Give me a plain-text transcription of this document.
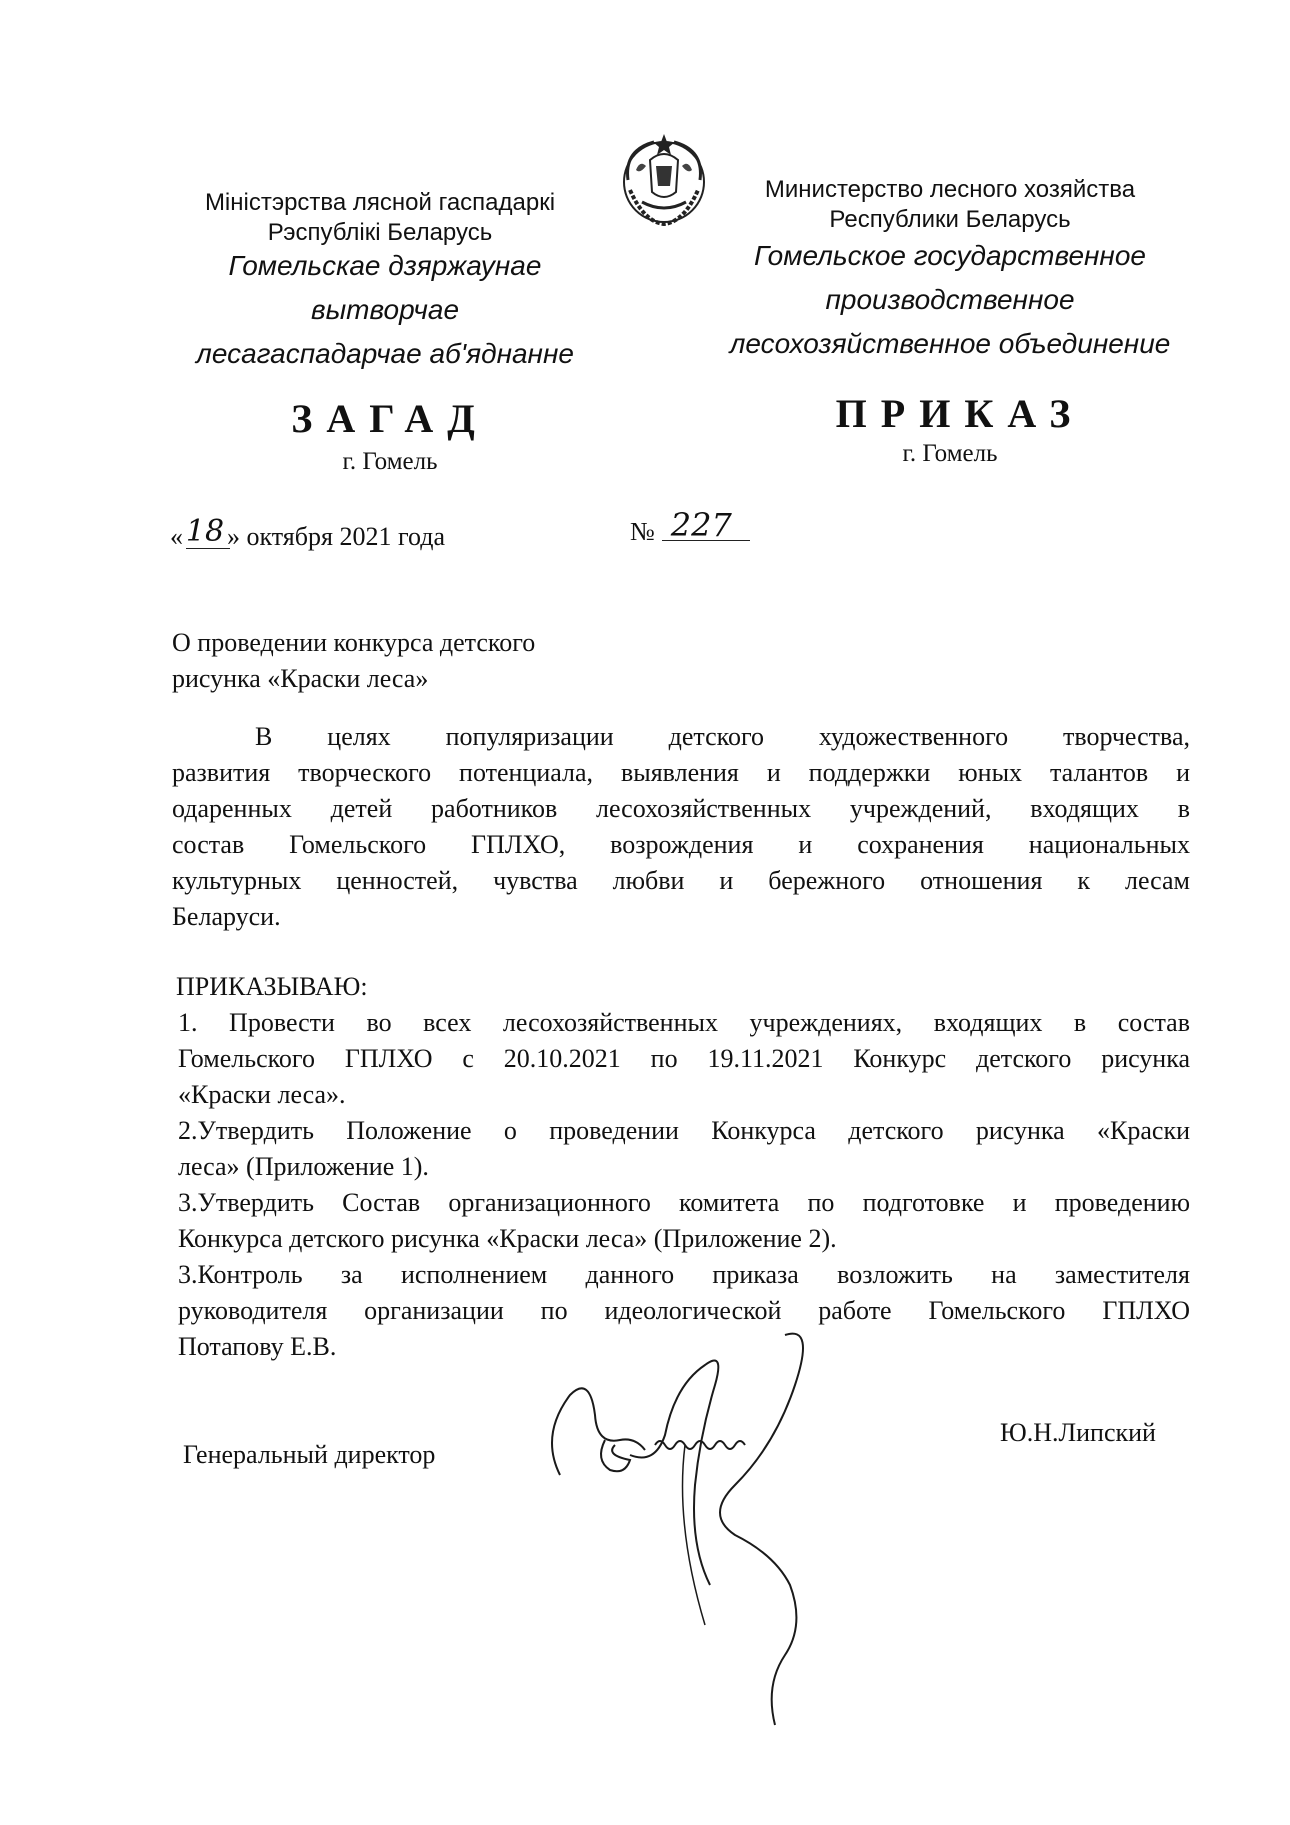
Міністэрства лясной гаспадаркі
Рэспублікі Беларусь
Гомельскае дзяржаунае
вытворчае
лесагаспадарчае аб'яднанне
ЗАГАД
г. Гомель
Министерство лесного хозяйства
Республики Беларусь
Гомельское государственное
производственное
лесохозяйственное объединение
ПРИКАЗ
г. Гомель
«18 » октября 2021 года	№ 227
О проведении конкурса детского
рисунка «Краски леса»
В целях популяризации детского художественного творчества,
развития творческого потенциала, выявления и поддержки юных талантов и
одаренных детей работников лесохозяйственных учреждений, входящих в
состав Гомельского ГПЛХО, возрождения и сохранения национальных
культурных ценностей, чувства любви и бережного отношения к лесам
Беларуси.
ПРИКАЗЫВАЮ:
1. Провести во всех лесохозяйственных учреждениях, входящих в состав
Гомельского ГПЛХО с 20.10.2021 по 19.11.2021 Конкурс детского рисунка
«Краски леса».
2.Утвердить Положение о проведении Конкурса детского рисунка «Краски
леса» (Приложение 1).
3.Утвердить Состав организационного комитета по подготовке и проведению
Конкурса детского рисунка «Краски леса» (Приложение 2).
3.Контроль за исполнением данного приказа возложить на заместителя
руководителя организации по идеологической работе Гомельского ГПЛХО
Потапову Е.В.
Генеральный директор
Ю.Н.Липский
